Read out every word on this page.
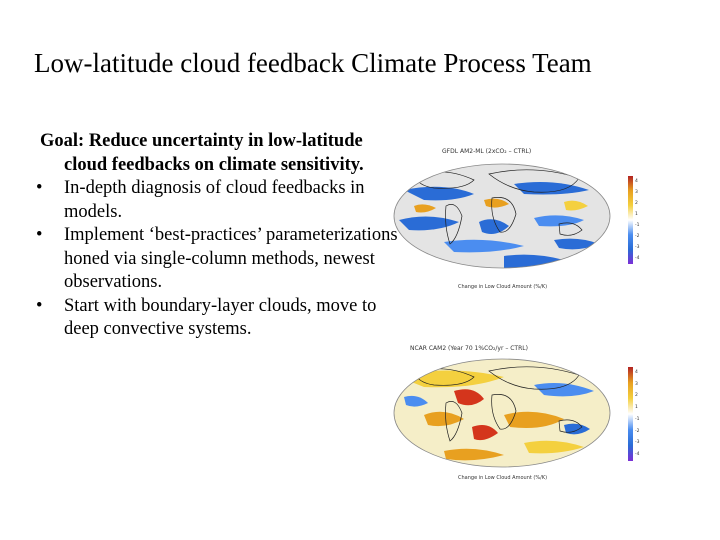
Low-latitude cloud feedback Climate Process Team
Goal: Reduce uncertainty in low-latitude cloud feedbacks on climate sensitivity.
• In-depth diagnosis of cloud feedbacks in models.
• Implement ‘best-practices’ parameterizations honed via single-column methods, newest observations.
• Start with boundary-layer clouds, move to deep convective systems.
GFDL AM2-ML (2xCO₂ – CTRL)
Change in Low Cloud Amount (%/K)
4
3
2
1
-1
-2
-3
-4
NCAR CAM2 (Year 70 1%CO₂/yr – CTRL)
Change in Low Cloud Amount (%/K)
4
3
2
1
-1
-2
-3
-4
